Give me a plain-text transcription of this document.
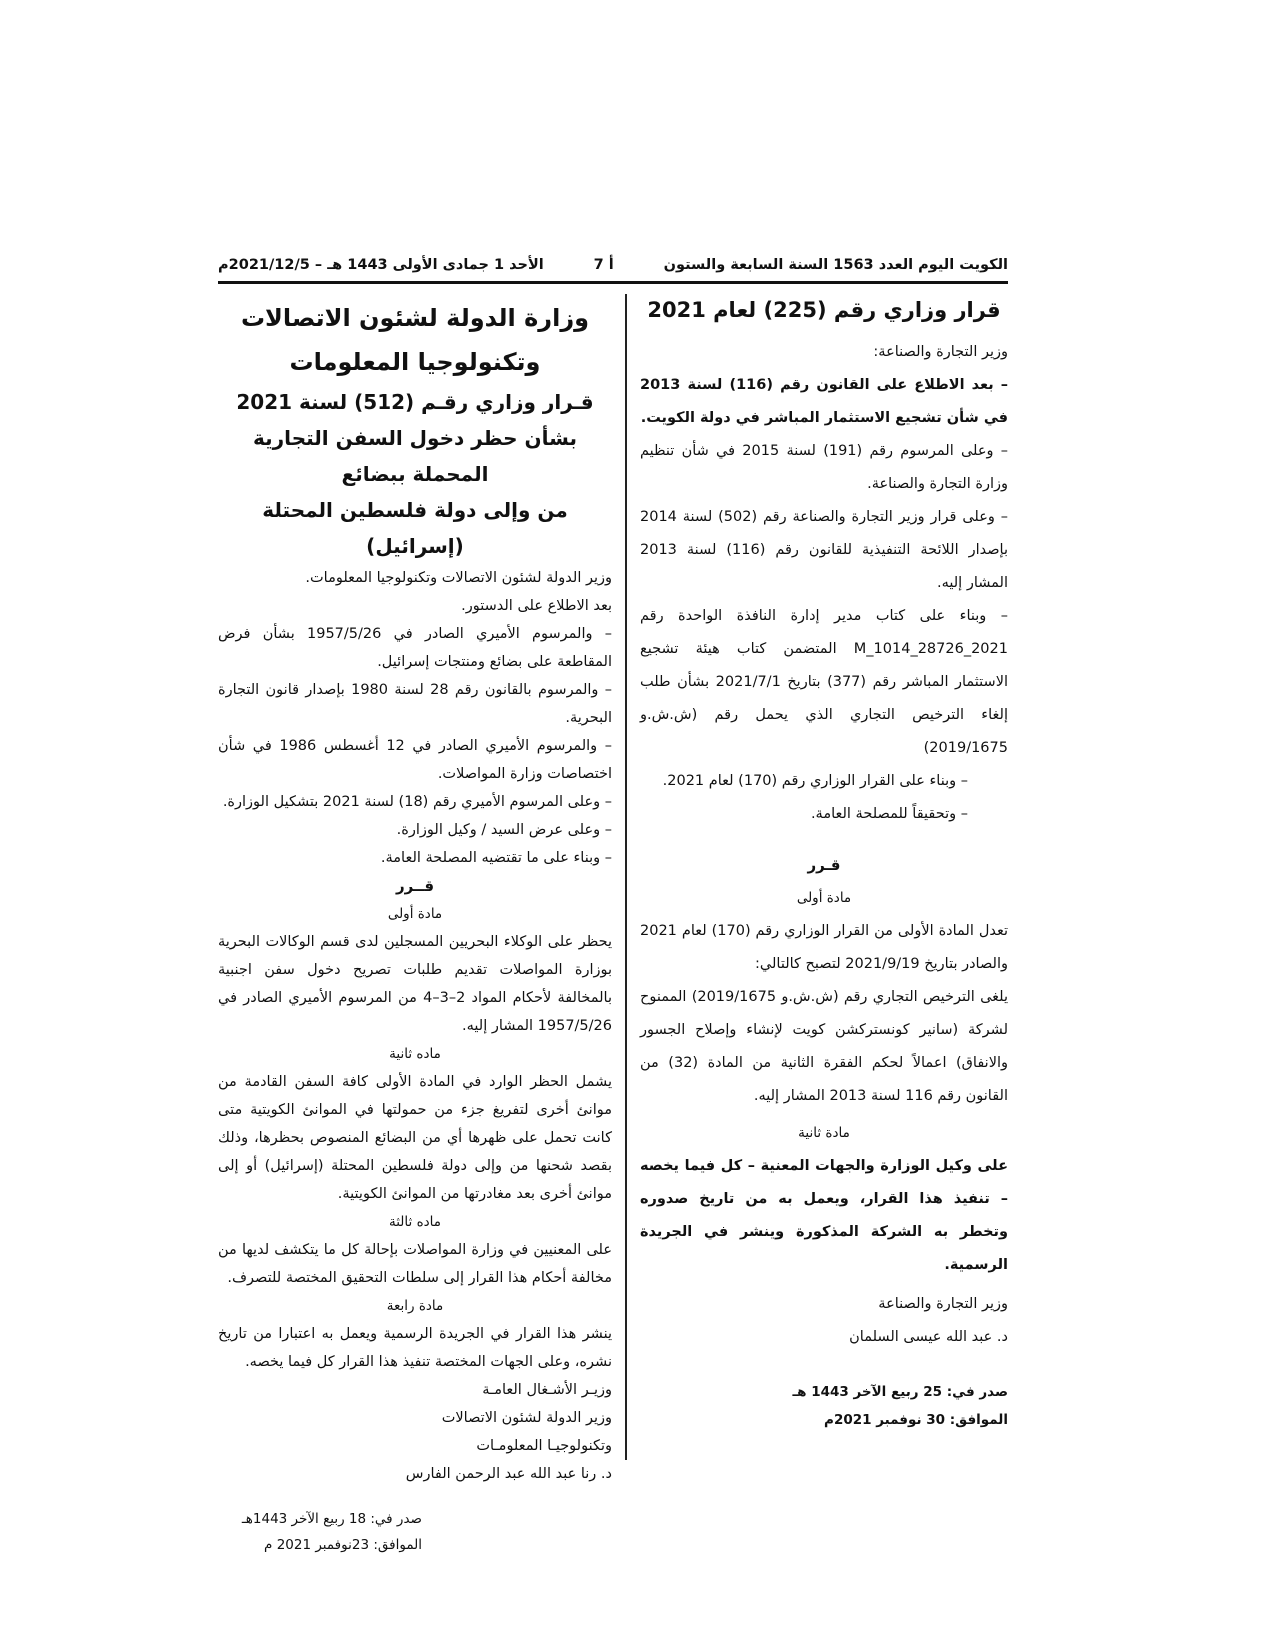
الكويت اليوم العدد 1563 السنة السابعة والستون
أ 7
الأحد 1 جمادى الأولى 1443 هـ – 2021/12/5م
قرار وزاري رقم (225) لعام 2021

وزير التجارة والصناعة:

– بعد الاطلاع على القانون رقم (116) لسنة 2013 في شأن تشجيع الاستثمار المباشر في دولة الكويت.

– وعلى المرسوم رقم (191) لسنة 2015 في شأن تنظيم وزارة التجارة والصناعة.

– وعلى قرار وزير التجارة والصناعة رقم (502) لسنة 2014 بإصدار اللائحة التنفيذية للقانون رقم (116) لسنة 2013 المشار إليه.

– وبناء على كتاب مدير إدارة النافذة الواحدة رقم M_1014_28726_2021 المتضمن كتاب هيئة تشجيع الاستثمار المباشر رقم (377) بتاريخ 2021/7/1 بشأن طلب إلغاء الترخيص التجاري الذي يحمل رقم (ش.ش.و 2019/1675)

– وبناء على القرار الوزاري رقم (170) لعام 2021.

– وتحقيقاً للمصلحة العامة.

قـرر

مادة أولى

تعدل المادة الأولى من القرار الوزاري رقم (170) لعام 2021 والصادر بتاريخ 2021/9/19 لتصبح كالتالي:

يلغى الترخيص التجاري رقم (ش.ش.و 2019/1675) الممنوح لشركة (سانير كونستركشن كويت لإنشاء وإصلاح الجسور والانفاق) اعمالاً لحكم الفقرة الثانية من المادة (32) من القانون رقم 116 لسنة 2013 المشار إليه.

مادة ثانية

على وكيل الوزارة والجهات المعنية – كل فيما يخصه – تنفيذ هذا القرار، ويعمل به من تاريخ صدوره وتخطر به الشركة المذكورة وينشر في الجريدة الرسمية.

وزير التجارة والصناعة

د. عبد الله عيسى السلمان

صدر في: 25 ربيع الآخر 1443 هـ

الموافق: 30 نوفمبر 2021م

وزارة الدولة لشئون الاتصالات
وتكنولوجيا المعلومات
قـرار وزاري رقـم (512) لسنة 2021
بشأن حظر دخول السفن التجارية المحملة ببضائع
من وإلى دولة فلسطين المحتلة (إسرائيل)

وزير الدولة لشئون الاتصالات وتكنولوجيا المعلومات.

بعد الاطلاع على الدستور.

– والمرسوم الأميري الصادر في 1957/5/26 بشأن فرض المقاطعة على بضائع ومنتجات إسرائيل.

– والمرسوم بالقانون رقم 28 لسنة 1980 بإصدار قانون التجارة البحرية.

– والمرسوم الأميري الصادر في 12 أغسطس 1986 في شأن اختصاصات وزارة المواصلات.

– وعلى المرسوم الأميري رقم (18) لسنة 2021 بتشكيل الوزارة.

– وعلى عرض السيد / وكيل الوزارة.

– وبناء على ما تقتضيه المصلحة العامة.

قــرر

مادة أولى

يحظر على الوكلاء البحريين المسجلين لدى قسم الوكالات البحرية بوزارة المواصلات تقديم طلبات تصريح دخول سفن اجنبية بالمخالفة لأحكام المواد 2–3–4 من المرسوم الأميري الصادر في 1957/5/26 المشار إليه.

ماده ثانية

يشمل الحظر الوارد في المادة الأولى كافة السفن القادمة من موانئ أخرى لتفريغ جزء من حمولتها في الموانئ الكويتية متى كانت تحمل على ظهرها أي من البضائع المنصوص بحظرها، وذلك بقصد شحنها من وإلى دولة فلسطين المحتلة (إسرائيل) أو إلى موانئ أخرى بعد مغادرتها من الموانئ الكويتية.

ماده ثالثة

على المعنيين في وزارة المواصلات بإحالة كل ما يتكشف لديها من مخالفة أحكام هذا القرار إلى سلطات التحقيق المختصة للتصرف.

مادة رابعة

ينشر هذا القرار في الجريدة الرسمية ويعمل به اعتبارا من تاريخ نشره، وعلى الجهات المختصة تنفيذ هذا القرار كل فيما يخصه.

وزيـر الأشـغال العامـة

وزير الدولة لشئون الاتصالات

وتكنولوجيـا المعلومـات

د. رنا عبد الله عبد الرحمن الفارس

صدر في: 18 ربيع الآخر 1443هـ

الموافق: 23نوفمبر 2021 م
